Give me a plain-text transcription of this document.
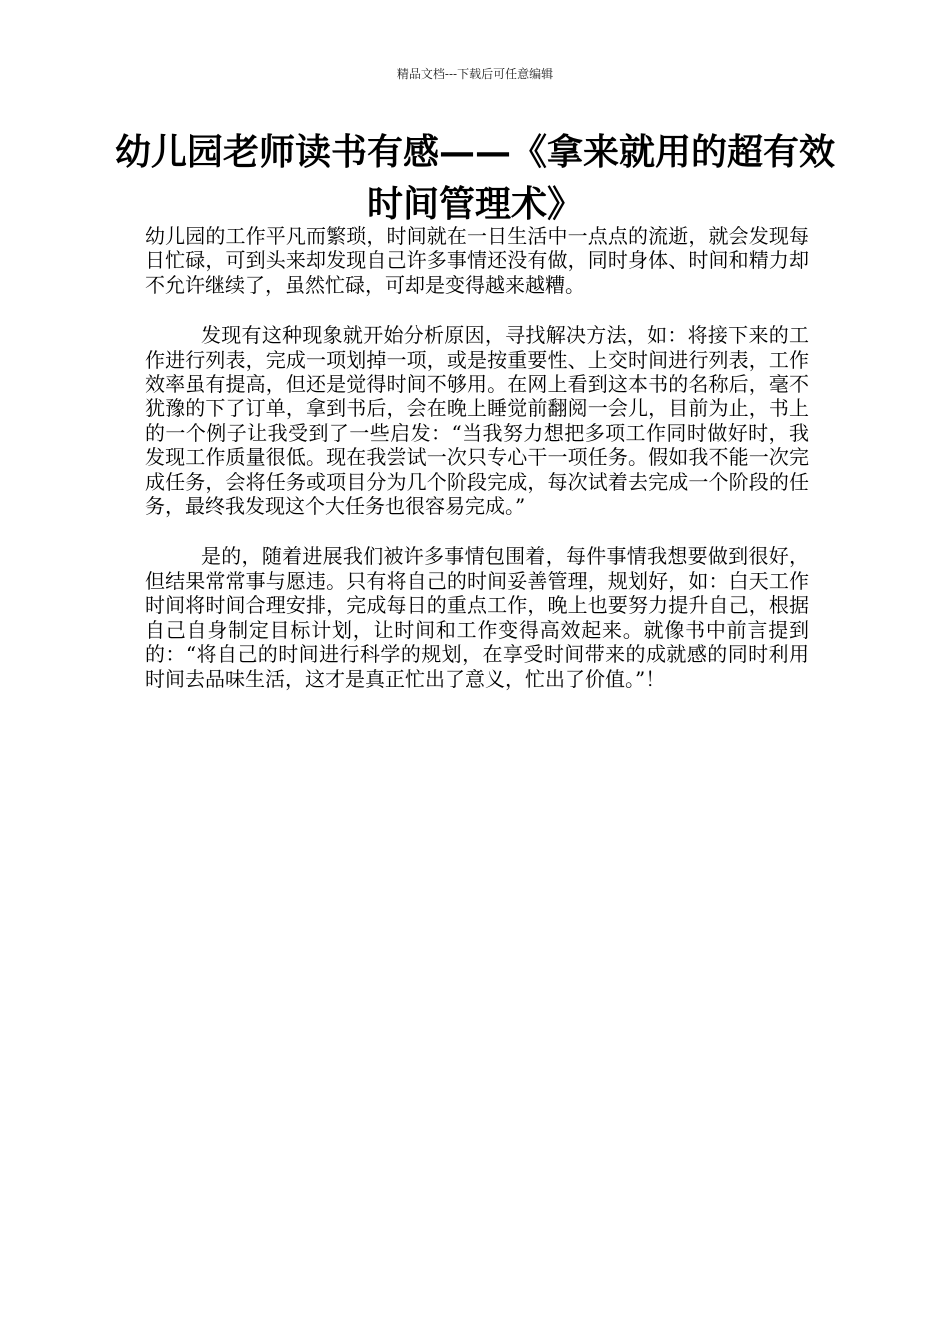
精品文档---下载后可任意编辑
幼儿园老师读书有感——《拿来就用的超有效时间管理术》

幼儿园的工作平凡而繁琐，时间就在一日生活中一点点的流逝，就会发现每日忙碌，可到头来却发现自己许多事情还没有做，同时身体、时间和精力却不允许继续了，虽然忙碌，可却是变得越来越糟。

发现有这种现象就开始分析原因，寻找解决方法，如：将接下来的工作进行列表，完成一项划掉一项，或是按重要性、上交时间进行列表，工作效率虽有提高，但还是觉得时间不够用。在网上看到这本书的名称后，毫不犹豫的下了订单，拿到书后，会在晚上睡觉前翻阅一会儿，目前为止，书上的一个例子让我受到了一些启发：“当我努力想把多项工作同时做好时，我发现工作质量很低。现在我尝试一次只专心干一项任务。假如我不能一次完成任务，会将任务或项目分为几个阶段完成，每次试着去完成一个阶段的任务，最终我发现这个大任务也很容易完成。”

是的，随着进展我们被许多事情包围着，每件事情我想要做到很好，但结果常常事与愿违。只有将自己的时间妥善管理，规划好，如：白天工作时间将时间合理安排，完成每日的重点工作，晚上也要努力提升自己，根据自己自身制定目标计划，让时间和工作变得高效起来。就像书中前言提到的：“将自己的时间进行科学的规划，在享受时间带来的成就感的同时利用时间去品味生活，这才是真正忙出了意义，忙出了价值。”！
